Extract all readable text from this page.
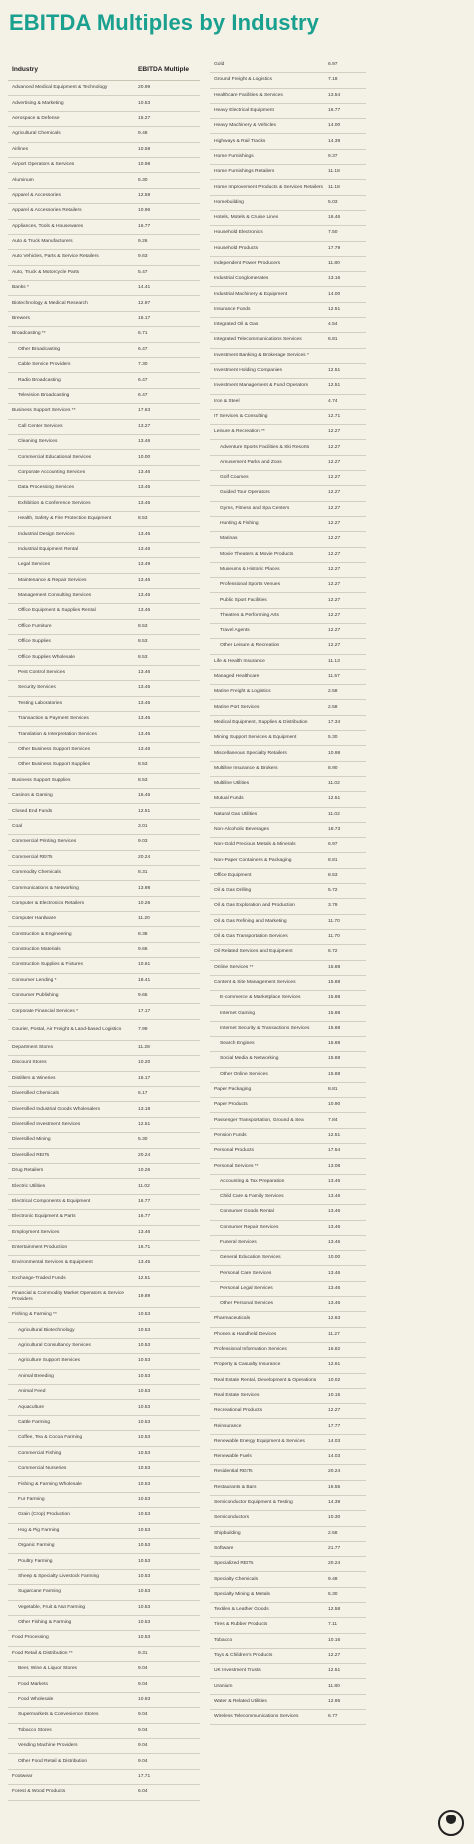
EBITDA Multiples by Industry
Industry	EBITDA Multiple
Advanced Medical Equipment & Technology	20.99
Advertising & Marketing	10.53
Aerospace & Defense	15.27
Agricultural Chemicals	9.48
Airlines	10.58
Airport Operators & Services	10.98
Aluminum	5.30
Apparel & Accessories	12.58
Apparel & Accessories Retailers	10.96
Appliances, Tools & Housewares	16.77
Auto & Truck Manufacturers	9.26
Auto Vehicles, Parts & Service Retailers	9.63
Auto, Truck & Motorcycle Parts	5.47
Banks *	14.41
Biotechnology & Medical Research	12.97
Brewers	16.17
Broadcasting **	6.71
Other Broadcasting	6.47
Cable Service Providers	7.30
Radio Broadcasting	6.47
Television Broadcasting	6.47
Business Support Services **	17.63
Call Center Services	13.27
Cleaning Services	13.46
Commercial Educational Services	10.00
Corporate Accounting Services	13.46
Data Processing Services	13.46
Exhibition & Conference Services	13.46
Health, Safety & Fire Protection Equipment	8.53
Industrial Design Services	13.46
Industrial Equipment Rental	13.46
Legal Services	13.49
Maintenance & Repair Services	13.46
Management Consulting Services	13.46
Office Equipment & Supplies Rental	13.46
Office Furniture	8.53
Office Supplies	8.53
Office Supplies Wholesale	8.53
Pest Control Services	13.46
Security Services	13.46
Testing Laboratories	13.46
Transaction & Payment Services	13.46
Translation & Interpretation Services	13.46
Other Business Support Services	13.46
Other Business Support Supplies	8.53
Business Support Supplies	8.53
Casinos & Gaming	16.46
Closed End Funds	12.51
Coal	3.01
Commercial Printing Services	9.03
Commercial REITs	20.24
Commodity Chemicals	8.31
Communications & Networking	13.98
Computer & Electronics Retailers	10.26
Computer Hardware	11.20
Construction & Engineering	8.38
Construction Materials	9.66
Construction Supplies & Fixtures	10.61
Consumer Lending *	18.41
Consumer Publishing	9.65
Corporate Financial Services *	17.17
Courier, Postal, Air Freight & Land-based Logistics	7.99
Department Stores	11.28
Discount Stores	10.20
Distillers & Wineries	16.17
Diversified Chemicals	6.17
Diversified Industrial Goods Wholesalers	13.18
Diversified Investment Services	12.51
Diversified Mining	5.30
Diversified REITs	20.24
Drug Retailers	10.26
Electric Utilities	11.02
Electrical Components & Equipment	16.77
Electronic Equipment & Parts	16.77
Employment Services	13.46
Entertainment Production	16.71
Environmental Services & Equipment	13.45
Exchange-Traded Funds	12.51
Financial & Commodity Market Operators & Service Providers
19.89
Fishing & Farming **	10.53
Agricultural Biotechnology	10.53
Agricultural Consultancy Services	10.53
Agriculture Support Services	10.53
Animal Breeding	10.53
Animal Feed	10.53
Aquaculture	10.53
Cattle Farming	10.53
Coffee, Tea & Cocoa Farming	10.53
Commercial Fishing	10.53
Commercial Nurseries	10.53
Fishing & Farming Wholesale	10.53
Fur Farming	10.53
Grain (Crop) Production	10.53
Hog & Pig Farming	10.53
Organic Farming	10.53
Poultry Farming	10.53
Sheep & Specialty Livestock Farming	10.53
Sugarcane Farming	10.53
Vegetable, Fruit & Nut Farming	10.53
Other Fishing & Farming	10.53
Food Processing	10.53
Food Retail & Distribution **	9.31
Beer, Wine & Liquor Stores	9.04
Food Markets	9.04
Food Wholesale	10.93
Supermarkets & Convenience Stores	9.04
Tobacco Stores	9.04
Vending Machine Providers	9.04
Other Food Retail & Distribution	9.04
Footwear	17.71
Forest & Wood Products	6.04
Gold	6.97
Ground Freight & Logistics	7.18
Healthcare Facilities & Services	13.54
Heavy Electrical Equipment	16.77
Heavy Machinery & Vehicles	14.00
Highways & Rail Tracks	14.39
Home Furnishings	9.37
Home Furnishings Retailers	11.18
Home Improvement Products & Services Retailers	11.18
Homebuilding	5.03
Hotels, Motels & Cruise Lines	16.46
Household Electronics	7.50
Household Products	17.79
Independent Power Producers	11.80
Industrial Conglomerates	13.16
Industrial Machinery & Equipment	14.00
Insurance Funds	12.51
Integrated Oil & Gas	4.54
Integrated Telecommunications Services	6.81
Investment Banking & Brokerage Services *
Investment Holding Companies	12.51
Investment Management & Fund Operators	12.51
Iron & Steel	4.74
IT Services & Consulting	12.71
Leisure & Recreation **	12.27
Adventure Sports Facilities & Ski Resorts	12.27
Amusement Parks and Zoos	12.27
Golf Courses	12.27
Guided Tour Operators	12.27
Gyms, Fitness and Spa Centers	12.27
Hunting & Fishing	12.27
Marinas	12.27
Movie Theaters & Movie Products	12.27
Museums & Historic Places	12.27
Professional Sports Venues	12.27
Public Sport Facilities	12.27
Theatres & Performing Arts	12.27
Travel Agents	12.27
Other Leisure & Recreation	12.27
Life & Health Insurance	11.13
Managed Healthcare	11.57
Marine Freight & Logistics	2.58
Marine Port Services	2.58
Medical Equipment, Supplies & Distribution	17.34
Mining Support Services & Equipment	5.30
Miscellaneous Specialty Retailers	10.98
Multiline Insurance & Brokers	8.90
Multiline Utilities	11.02
Mutual Funds	12.51
Natural Gas Utilities	11.02
Non-Alcoholic Beverages	18.73
Non-Gold Precious Metals & Minerals	6.97
Non-Paper Containers & Packaging	8.81
Office Equipment	8.53
Oil & Gas Drilling	5.72
Oil & Gas Exploration and Production	3.79
Oil & Gas Refining and Marketing	11.70
Oil & Gas Transportation Services	11.70
Oil Related Services and Equipment	6.72
Online Services **	15.88
Content & Site Management Services	15.88
E-commerce & Marketplace Services	15.88
Internet Gaming	15.88
Internet Security & Transactions Services	15.88
Search Engines	15.88
Social Media & Networking	15.88
Other Online Services	15.88
Paper Packaging	8.81
Paper Products	10.90
Passenger Transportation, Ground & Sea	7.84
Pension Funds	12.51
Personal Products	17.54
Personal Services **	13.08
Accounting & Tax Preparation	13.46
Child Care & Family Services	13.46
Consumer Goods Rental	13.46
Consumer Repair Services	13.46
Funeral Services	13.46
General Education Services	10.00
Personal Care Services	13.46
Personal Legal Services	13.46
Other Personal Services	13.46
Pharmaceuticals	12.63
Phones & Handheld Devices	11.27
Professional Information Services	16.82
Property & Casualty Insurance	12.61
Real Estate Rental, Development & Operations	10.02
Real Estate Services	10.15
Recreational Products	12.27
Reinsurance	17.77
Renewable Energy Equipment & Services	14.03
Renewable Fuels	14.03
Residential REITs	20.24
Restaurants & Bars	16.55
Semiconductor Equipment & Testing	14.39
Semiconductors	10.30
Shipbuilding	2.58
Software	21.77
Specialized REITs	20.24
Specialty Chemicals	9.48
Specialty Mining & Metals	5.30
Textiles & Leather Goods	12.58
Tires & Rubber Products	7.11
Tobacco	10.16
Toys & Children's Products	12.27
UK Investment Trusts	12.51
Uranium	11.80
Water & Related Utilities	12.95
Wireless Telecommunications Services	6.77
